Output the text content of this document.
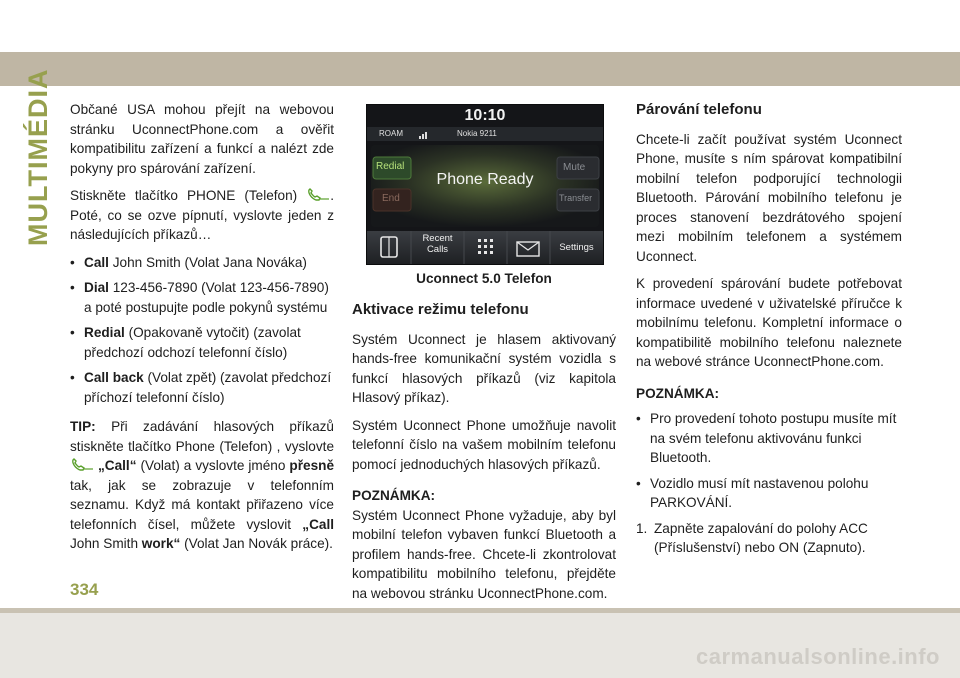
MULTIMÉDIA Občané USA mohou přejít na webovou stránku UconnectPhone.com a ověřit kompatibilitu zařízení a funkcí a nalézt zde pokyny pro spárování zařízení.

Stiskněte tlačítko PHONE (Telefon) . Poté, co se ozve pípnutí, vyslovte jeden z následujících příkazů…

• Call John Smith (Volat Jana Nováka)
• Dial 123-456-7890 (Volat 123-456-7890) a poté postupujte podle pokynů systému
• Redial (Opakovaně vytočit) (zavolat předchozí odchozí telefonní číslo)
• Call back (Volat zpět) (zavolat předchozí příchozí telefonní číslo)

TIP: Při zadávání hlasových příkazů stiskněte tlačítko Phone (Telefon) , vyslovte  „Call“ (Volat) a vyslovte jméno přesně tak, jak se zobrazuje v telefonním seznamu. Když má kontakt přiřazeno více telefonních čísel, můžete vyslovit „Call John Smith work“ (Volat Jan Novák práce).

10:10
ROAM	Nokia 9211
Redial
End
Phone Ready
Mute
Transfer
Recent
Calls	Settings
Uconnect 5.0 Telefon
Aktivace režimu telefonu

Systém Uconnect je hlasem aktivovaný hands-free komunikační systém vozidla s funkcí hlasových příkazů (viz kapitola Hlasový příkaz).

Systém Uconnect Phone umožňuje navolit telefonní číslo na vašem mobilním telefonu pomocí jednoduchých hlasových příkazů.

POZNÁMKA:
Systém Uconnect Phone vyžaduje, aby byl mobilní telefon vybaven funkcí Bluetooth a profilem hands-free. Chcete-li zkontrolovat kompatibilitu mobilního telefonu, přejděte na webovou stránku UconnectPhone.com.

Párování telefonu

Chcete-li začít používat systém Uconnect Phone, musíte s ním spárovat kompatibilní mobilní telefon podporující technologii Bluetooth. Párování mobilního telefonu je proces stanovení bezdrátového spojení mezi mobilním telefonem a systémem Uconnect.

K provedení spárování budete potřebovat informace uvedené v uživatelské příručce k mobilnímu telefonu. Kompletní informace o kompatibilitě mobilního telefonu naleznete na webové stránce UconnectPhone.com.

POZNÁMKA:

• Pro provedení tohoto postupu musíte mít na svém telefonu aktivovánu funkci Bluetooth.
• Vozidlo musí mít nastavenou polohu PARKOVÁNÍ.
1. Zapněte zapalování do polohy ACC (Příslušenství) nebo ON (Zapnuto).
334
carmanualsonline.info
